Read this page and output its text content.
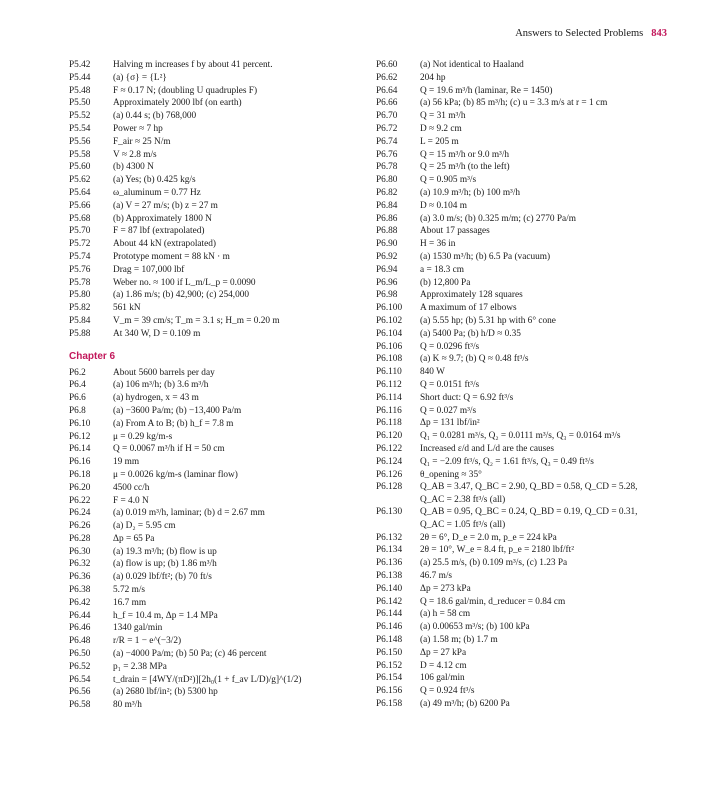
Answers to Selected Problems 843
P5.42	Halving m increases f by about 41 percent.
P5.44	(a) {σ} = {L²}
P5.48	F ≈ 0.17 N; (doubling U quadruples F)
P5.50	Approximately 2000 lbf (on earth)
P5.52	(a) 0.44 s; (b) 768,000
P5.54	Power ≈ 7 hp
P5.56	F_air ≈ 25 N/m
P5.58	V ≈ 2.8 m/s
P5.60	(b) 4300 N
P5.62	(a) Yes; (b) 0.425 kg/s
P5.64	ω_aluminum = 0.77 Hz
P5.66	(a) V = 27 m/s; (b) z = 27 m
P5.68	(b) Approximately 1800 N
P5.70	F = 87 lbf (extrapolated)
P5.72	About 44 kN (extrapolated)
P5.74	Prototype moment = 88 kN · m
P5.76	Drag = 107,000 lbf
P5.78	Weber no. ≈ 100 if L_m/L_p = 0.0090
P5.80	(a) 1.86 m/s; (b) 42,900; (c) 254,000
P5.82	561 kN
P5.84	V_m = 39 cm/s; T_m = 3.1 s; H_m = 0.20 m
P5.88	At 340 W, D = 0.109 m
Chapter 6
P6.2	About 5600 barrels per day
P6.4	(a) 106 m³/h; (b) 3.6 m³/h
P6.6	(a) hydrogen, x = 43 m
P6.8	(a) −3600 Pa/m; (b) −13,400 Pa/m
P6.10	(a) From A to B; (b) h_f = 7.8 m
P6.12	μ = 0.29 kg/m-s
P6.14	Q = 0.0067 m³/h if H = 50 cm
P6.16	19 mm
P6.18	μ = 0.0026 kg/m-s (laminar flow)
P6.20	4500 cc/h
P6.22	F = 4.0 N
P6.24	(a) 0.019 m³/h, laminar; (b) d = 2.67 mm
P6.26	(a) D₂ = 5.95 cm
P6.28	Δp = 65 Pa
P6.30	(a) 19.3 m³/h; (b) flow is up
P6.32	(a) flow is up; (b) 1.86 m³/h
P6.36	(a) 0.029 lbf/ft²; (b) 70 ft/s
P6.38	5.72 m/s
P6.42	16.7 mm
P6.44	h_f = 10.4 m, Δp = 1.4 MPa
P6.46	1340 gal/min
P6.48	r/R = 1 − e^(−3/2)
P6.50	(a) −4000 Pa/m; (b) 50 Pa; (c) 46 percent
P6.52	p₁ = 2.38 MPa
P6.54	t_drain = [4WY/(πD²)][2h₀(1 + f_av L/D)/g]^(1/2)
P6.56	(a) 2680 lbf/in²; (b) 5300 hp
P6.58	80 m³/h
P6.60	(a) Not identical to Haaland
P6.62	204 hp
P6.64	Q = 19.6 m³/h (laminar, Re = 1450)
P6.66	(a) 56 kPa; (b) 85 m³/h; (c) u = 3.3 m/s at r = 1 cm
P6.70	Q = 31 m³/h
P6.72	D ≈ 9.2 cm
P6.74	L = 205 m
P6.76	Q = 15 m³/h or 9.0 m³/h
P6.78	Q = 25 m³/h (to the left)
P6.80	Q = 0.905 m³/s
P6.82	(a) 10.9 m³/h; (b) 100 m³/h
P6.84	D ≈ 0.104 m
P6.86	(a) 3.0 m/s; (b) 0.325 m/m; (c) 2770 Pa/m
P6.88	About 17 passages
P6.90	H = 36 in
P6.92	(a) 1530 m³/h; (b) 6.5 Pa (vacuum)
P6.94	a = 18.3 cm
P6.96	(b) 12,800 Pa
P6.98	Approximately 128 squares
P6.100	A maximum of 17 elbows
P6.102	(a) 5.55 hp; (b) 5.31 hp with 6° cone
P6.104	(a) 5400 Pa; (b) h/D ≈ 0.35
P6.106	Q = 0.0296 ft³/s
P6.108	(a) K ≈ 9.7; (b) Q ≈ 0.48 ft³/s
P6.110	840 W
P6.112	Q = 0.0151 ft³/s
P6.114	Short duct: Q = 6.92 ft³/s
P6.116	Q = 0.027 m³/s
P6.118	Δp = 131 lbf/in²
P6.120	Q₁ = 0.0281 m³/s, Q₂ = 0.0111 m³/s, Q₃ = 0.0164 m³/s
P6.122	Increased ε/d and L/d are the causes
P6.124	Q₁ = −2.09 ft³/s, Q₂ = 1.61 ft³/s, Q₃ = 0.49 ft³/s
P6.126	θ_opening ≈ 35°
P6.128	Q_AB = 3.47, Q_BC = 2.90, Q_BD = 0.58, Q_CD = 5.28,
Q_AC = 2.38 ft³/s (all)
P6.130	Q_AB = 0.95, Q_BC = 0.24, Q_BD = 0.19, Q_CD = 0.31,
Q_AC = 1.05 ft³/s (all)
P6.132	2θ = 6°, D_e = 2.0 m, p_e = 224 kPa
P6.134	2θ = 10°, W_e = 8.4 ft, p_e = 2180 lbf/ft²
P6.136	(a) 25.5 m/s, (b) 0.109 m³/s, (c) 1.23 Pa
P6.138	46.7 m/s
P6.140	Δp = 273 kPa
P6.142	Q = 18.6 gal/min, d_reducer = 0.84 cm
P6.144	(a) h = 58 cm
P6.146	(a) 0.00653 m³/s; (b) 100 kPa
P6.148	(a) 1.58 m; (b) 1.7 m
P6.150	Δp = 27 kPa
P6.152	D = 4.12 cm
P6.154	106 gal/min
P6.156	Q = 0.924 ft³/s
P6.158	(a) 49 m³/h; (b) 6200 Pa
